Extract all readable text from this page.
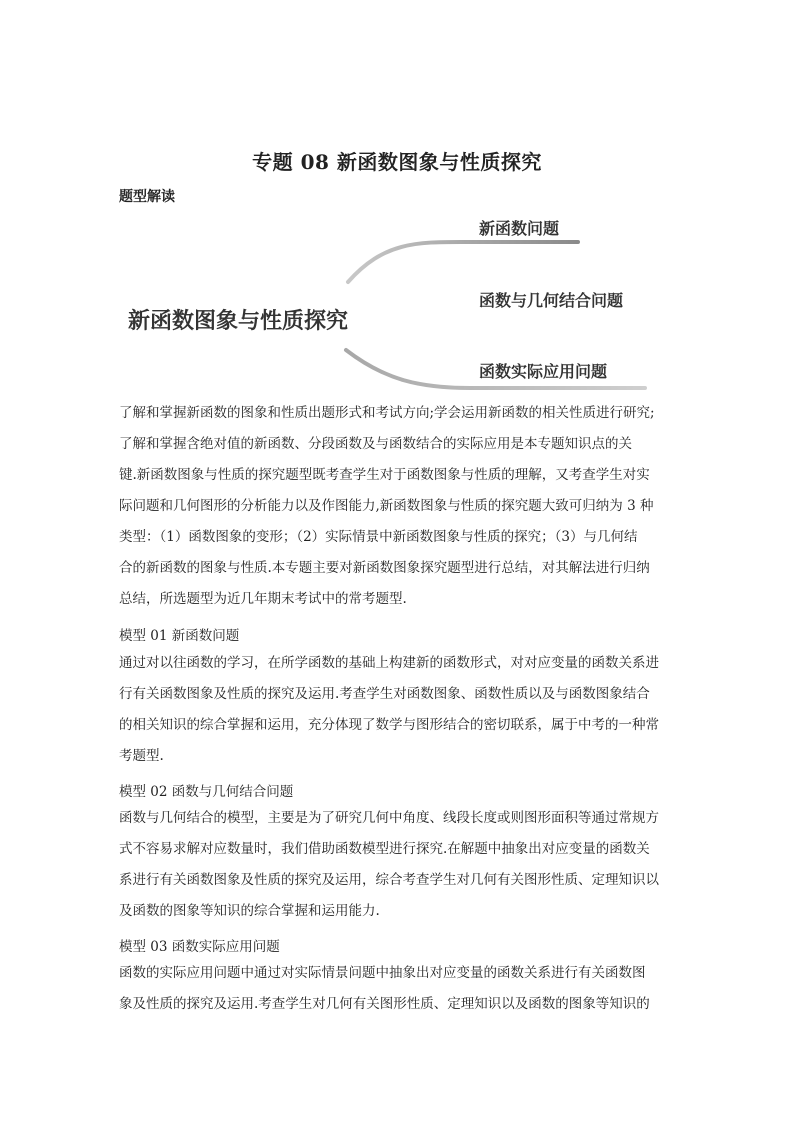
专题 08 新函数图象与性质探究
题型解读
新函数图象与性质探究
新函数问题
函数与几何结合问题
函数实际应用问题
了解和掌握新函数的图象和性质出题形式和考试方向;学会运用新函数的相关性质进行研究;
了解和掌握含绝对值的新函数、分段函数及与函数结合的实际应用是本专题知识点的关
键.新函数图象与性质的探究题型既考查学生对于函数图象与性质的理解，又考查学生对实
际问题和几何图形的分析能力以及作图能力,新函数图象与性质的探究题大致可归纳为 3 种
类型：（1）函数图象的变形；（2）实际情景中新函数图象与性质的探究；（3）与几何结
合的新函数的图象与性质.本专题主要对新函数图象探究题型进行总结，对其解法进行归纳
总结，所选题型为近几年期末考试中的常考题型.
模型 01 新函数问题
通过对以往函数的学习，在所学函数的基础上构建新的函数形式，对对应变量的函数关系进
行有关函数图象及性质的探究及运用.考查学生对函数图象、函数性质以及与函数图象结合
的相关知识的综合掌握和运用，充分体现了数学与图形结合的密切联系，属于中考的一种常
考题型.
模型 02 函数与几何结合问题
函数与几何结合的模型，主要是为了研究几何中角度、线段长度或则图形面积等通过常规方
式不容易求解对应数量时，我们借助函数模型进行探究.在解题中抽象出对应变量的函数关
系进行有关函数图象及性质的探究及运用，综合考查学生对几何有关图形性质、定理知识以
及函数的图象等知识的综合掌握和运用能力.
模型 03 函数实际应用问题
函数的实际应用问题中通过对实际情景问题中抽象出对应变量的函数关系进行有关函数图
象及性质的探究及运用.考查学生对几何有关图形性质、定理知识以及函数的图象等知识的
